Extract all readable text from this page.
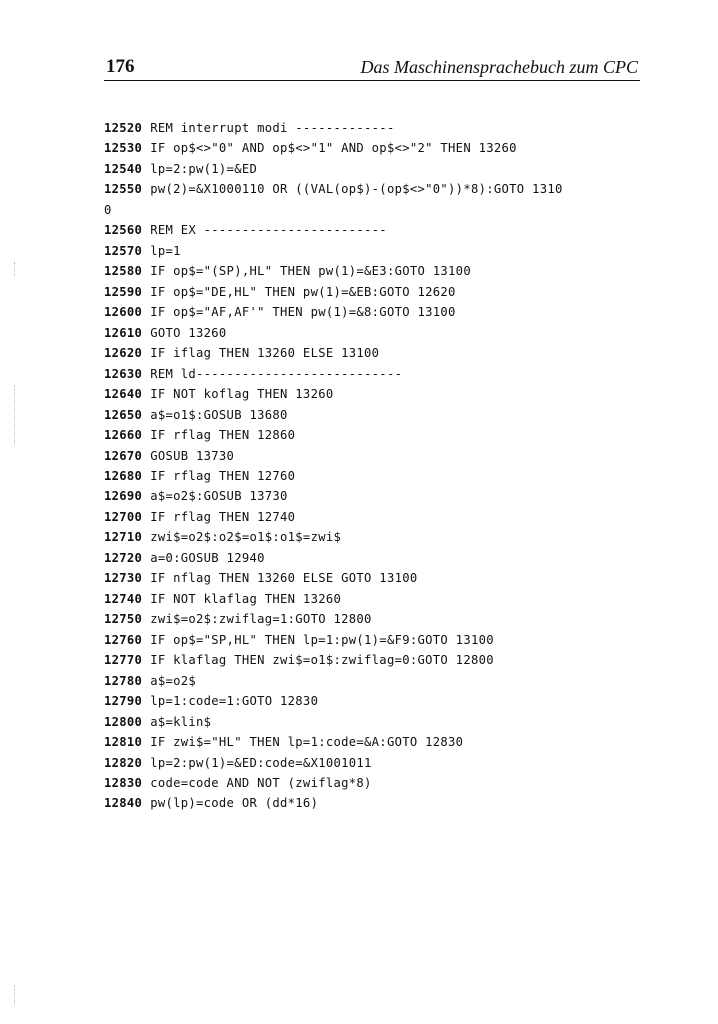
176	Das Maschinensprachebuch zum CPC
12520 REM interrupt modi -------------
12530 IF op$<>"0" AND op$<>"1" AND op$<>"2" THEN 13260
12540 lp=2:pw(1)=&ED
12550 pw(2)=&X1000110 OR ((VAL(op$)-(op$<>"0"))*8):GOTO 1310
0
12560 REM EX ------------------------
12570 lp=1
12580 IF op$="(SP),HL" THEN pw(1)=&E3:GOTO 13100
12590 IF op$="DE,HL" THEN pw(1)=&EB:GOTO 12620
12600 IF op$="AF,AF'" THEN pw(1)=&8:GOTO 13100
12610 GOTO 13260
12620 IF iflag THEN 13260 ELSE 13100
12630 REM ld---------------------------
12640 IF NOT koflag THEN 13260
12650 a$=o1$:GOSUB 13680
12660 IF rflag THEN 12860
12670 GOSUB 13730
12680 IF rflag THEN 12760
12690 a$=o2$:GOSUB 13730
12700 IF rflag THEN 12740
12710 zwi$=o2$:o2$=o1$:o1$=zwi$
12720 a=0:GOSUB 12940
12730 IF nflag THEN 13260 ELSE GOTO 13100
12740 IF NOT klaflag THEN 13260
12750 zwi$=o2$:zwiflag=1:GOTO 12800
12760 IF op$="SP,HL" THEN lp=1:pw(1)=&F9:GOTO 13100
12770 IF klaflag THEN zwi$=o1$:zwiflag=0:GOTO 12800
12780 a$=o2$
12790 lp=1:code=1:GOTO 12830
12800 a$=klin$
12810 IF zwi$="HL" THEN lp=1:code=&A:GOTO 12830
12820 lp=2:pw(1)=&ED:code=&X1001011
12830 code=code AND NOT (zwiflag*8)
12840 pw(lp)=code OR (dd*16)
